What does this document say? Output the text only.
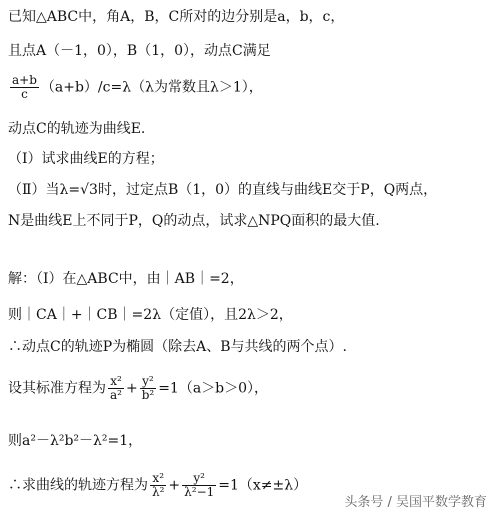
已知△ABC中，角A，B，C所对的边分别是a，b，c，
且点A（－1，0），B（1，0），动点C满足
$\frac{a+b}{c} (a+b)/c=\lambda(\lambda$为常数且λ＞1），
动点C的轨迹为曲线E.
（Ⅰ）试求曲线E的方程；
（Ⅱ）当λ=√3时，过定点B（1，0）的直线与曲线E交于P，Q两点，
N是曲线E上不同于P，Q的动点，试求△NPQ面积的最大值.
解：（Ⅰ）在△ABC中，由｜AB｜=2，
则｜CA｜+｜CB｜=2λ（定值），且2λ＞2，
∴动点C的轨迹P为椭圆（除去A、B与共线的两个点）.
设其标准方程为 $\frac{\text{x²}}{\text{a²}} + \frac{\text{y²}}{\text{b²}} =1(a>b>0)$，
则a²－λ²b²－λ²=1，
∴求曲线的轨迹方程为 $\frac{\text{x²}}{\text{λ²}} + \frac{\text{y²}}{\text{λ²−1}} =1(x\ne\pm\lambda)$
头条号 / 吴国平数学教育
